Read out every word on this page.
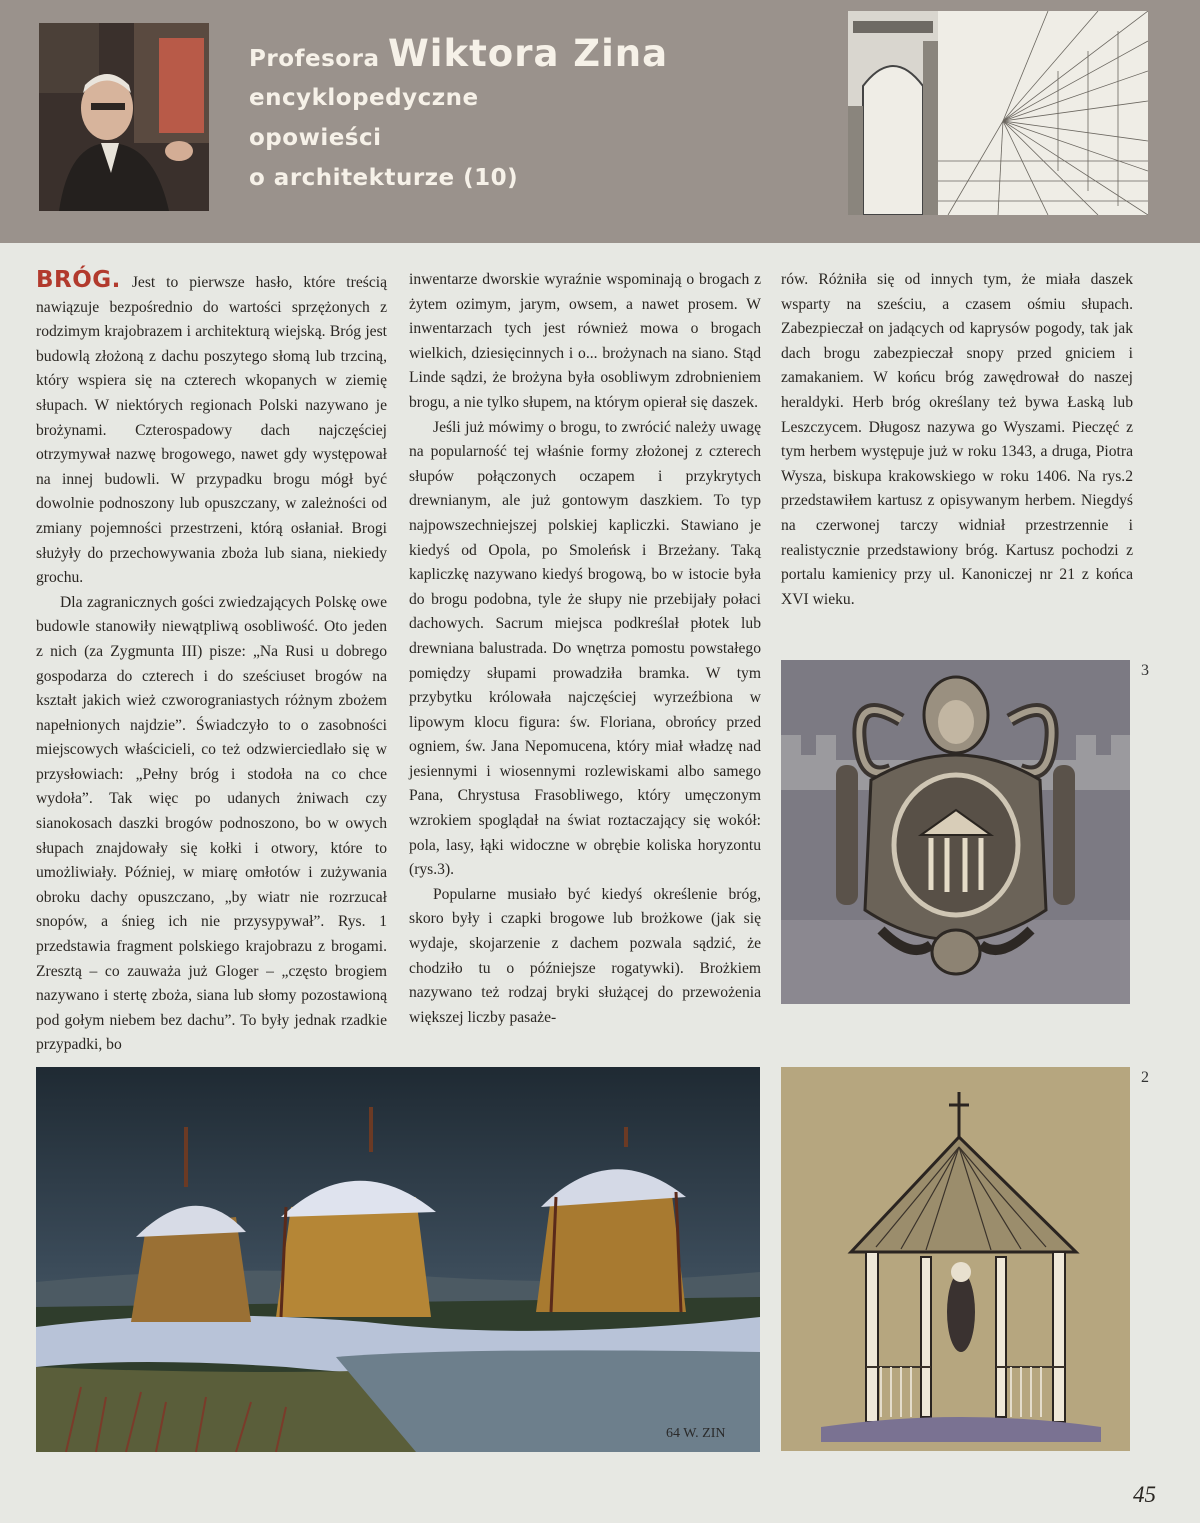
Profesora Wiktora Zina
encyklopedyczne
opowieści
o architekturze (10)

BRÓG. Jest to pierwsze hasło, które treścią nawiązuje bezpośrednio do wartości sprzężonych z rodzimym krajobrazem i architekturą wiejską. Bróg jest budowlą złożoną z dachu poszytego słomą lub trzciną, który wspiera się na czterech wkopanych w ziemię słupach. W niektórych regionach Polski nazywano je brożynami. Czterospadowy dach najczęściej otrzymywał nazwę brogowego, nawet gdy występował na innej budowli. W przypadku brogu mógł być dowolnie podnoszony lub opuszczany, w zależności od zmiany pojemności przestrzeni, którą osłaniał. Brogi służyły do przechowywania zboża lub siana, niekiedy grochu.

Dla zagranicznych gości zwiedzających Polskę owe budowle stanowiły niewątpliwą osobliwość. Oto jeden z nich (za Zygmunta III) pisze: „Na Rusi u dobrego gospodarza do czterech i do sześciuset brogów na kształt jakich wież czworograniastych różnym zbożem napełnionych najdzie”. Świadczyło to o zasobności miejscowych właścicieli, co też odzwierciedlało się w przysłowiach: „Pełny bróg i stodoła na co chce wydoła”. Tak więc po udanych żniwach czy sianokosach daszki brogów podnoszono, bo w owych słupach znajdowały się kołki i otwory, które to umożliwiały. Później, w miarę omłotów i zużywania obroku dachy opuszczano, „by wiatr nie rozrzucał snopów, a śnieg ich nie przysypywał”. Rys. 1 przedstawia fragment polskiego krajobrazu z brogami. Zresztą – co zauważa już Gloger – „często brogiem nazywano i stertę zboża, siana lub słomy pozostawioną pod gołym niebem bez dachu”. To były jednak rzadkie przypadki, bo

inwentarze dworskie wyraźnie wspominają o brogach z żytem ozimym, jarym, owsem, a nawet prosem. W inwentarzach tych jest również mowa o brogach wielkich, dziesięcinnych i o... brożynach na siano. Stąd Linde sądzi, że brożyna była osobliwym zdrobnieniem brogu, a nie tylko słupem, na którym opierał się daszek.

Jeśli już mówimy o brogu, to zwrócić należy uwagę na popularność tej właśnie formy złożonej z czterech słupów połączonych oczapem i przykrytych drewnianym, ale już gontowym daszkiem. To typ najpowszechniejszej polskiej kapliczki. Stawiano je kiedyś od Opola, po Smoleńsk i Brzeżany. Taką kapliczkę nazywano kiedyś brogową, bo w istocie była do brogu podobna, tyle że słupy nie przebijały połaci dachowych. Sacrum miejsca podkreślał płotek lub drewniana balustrada. Do wnętrza pomostu powstałego pomiędzy słupami prowadziła bramka. W tym przybytku królowała najczęściej wyrzeźbiona w lipowym klocu figura: św. Floriana, obrońcy przed ogniem, św. Jana Nepomucena, który miał władzę nad jesiennymi i wiosennymi rozlewiskami albo samego Pana, Chrystusa Frasobliwego, który umęczonym wzrokiem spoglądał na świat roztaczający się wokół: pola, lasy, łąki widoczne w obrębie koliska horyzontu (rys.3).

Popularne musiało być kiedyś określenie bróg, skoro były i czapki brogowe lub brożkowe (jak się wydaje, skojarzenie z dachem pozwala sądzić, że chodziło tu o późniejsze rogatywki). Brożkiem nazywano też rodzaj bryki służącej do przewożenia większej liczby pasaże-

rów. Różniła się od innych tym, że miała daszek wsparty na sześciu, a czasem ośmiu słupach. Zabezpieczał on jadących od kaprysów pogody, tak jak dach brogu zabezpieczał snopy przed gniciem i zamakaniem. W końcu bróg zawędrował do naszej heraldyki. Herb bróg określany też bywa Łaską lub Leszczycem. Długosz nazywa go Wyszami. Pieczęć z tym herbem występuje już w roku 1343, a druga, Piotra Wysza, biskupa krakowskiego w roku 1406. Na rys.2 przedstawiłem kartusz z opisywanym herbem. Niegdyś na czerwonej tarczy widniał przestrzennie i realistycznie przedstawiony bróg. Kartusz pochodzi z portalu kamienicy przy ul. Kanoniczej nr 21 z końca XVI wieku.

3
64 W. ZIN
2
45
